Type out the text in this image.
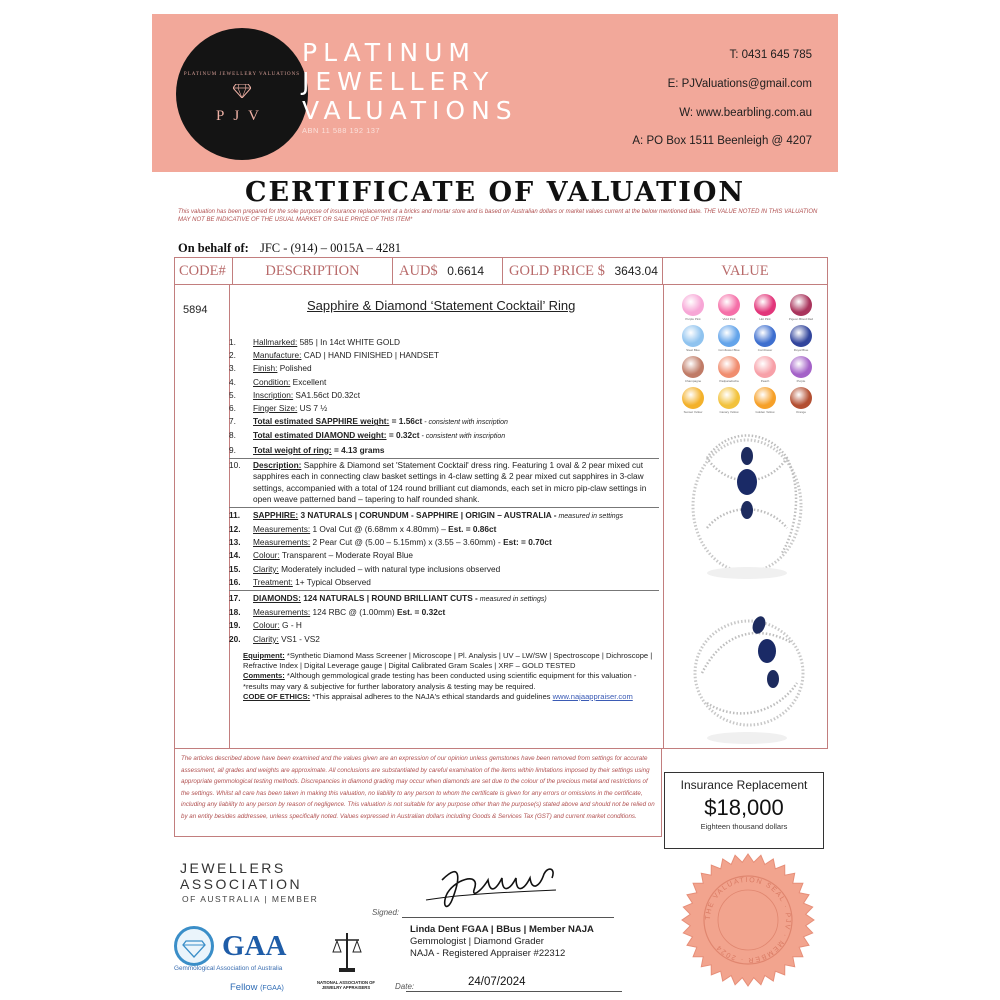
PLATINUM JEWELLERY VALUATIONS
PJV
PLATINUM
JEWELLERY
VALUATIONS
ABN 11 588 192 137
T: 0431 645 785
E: PJValuations@gmail.com
W: www.bearbling.com.au
A: PO Box 1511 Beenleigh @ 4207
CERTIFICATE OF VALUATION
This valuation has been prepared for the sole purpose of insurance replacement at a bricks and mortar store and is based on Australian dollars or market values current at the below mentioned date. THE VALUE NOTED IN THIS VALUATION MAY NOT BE INDICATIVE OF THE USUAL MARKET OR SALE PRICE OF THIS ITEM*
On behalf of: JFC - (914) – 0015A – 4281
CODE#	DESCRIPTION	AUD$ 0.6614	GOLD PRICE $ 3643.04	VALUE
5894	Sapphire & Diamond ‘Statement Cocktail’ Ring
1. Hallmarked: 585 | In 14ct WHITE GOLD
2. Manufacture: CAD | HAND FINISHED | HANDSET
3. Finish: Polished
4. Condition: Excellent
5. Inscription: SA1.56ct D0.32ct
6. Finger Size: US 7 ½
7. Total estimated SAPPHIRE weight: = 1.56ct - consistent with inscription
8. Total estimated DIAMOND weight: = 0.32ct - consistent with inscription
9. Total weight of ring: = 4.13 grams
10. Description: Sapphire & Diamond set 'Statement Cocktail' dress ring. Featuring 1 oval & 2 pear mixed cut sapphires each in connecting claw basket settings in 4-claw setting & 2 pear mixed cut sapphires in 3-claw settings, accompanied with a total of 124 round brilliant cut diamonds, each set in micro pip-claw settings in open weave patterned band – tapering to half rounded shank.
11. SAPPHIRE: 3 NATURALS | CORUNDUM - SAPPHIRE | ORIGIN – AUSTRALIA - measured in settings
12. Measurements: 1 Oval Cut @ (6.68mm x 4.80mm) – Est. = 0.86ct
13. Measurements: 2 Pear Cut @ (5.00 – 5.15mm) x (3.55 – 3.60mm) - Est: = 0.70ct
14. Colour: Transparent – Moderate Royal Blue
15. Clarity: Moderately included – with natural type inclusions observed
16. Treatment: 1+ Typical Observed
17. DIAMONDS: 124 NATURALS | ROUND BRILLIANT CUTS - measured in settings)
18. Measurements: 124 RBC @ (1.00mm) Est. = 0.32ct
19. Colour: G - H
20. Clarity: VS1 - VS2
Equipment: *Synthetic Diamond Mass Screener | Microscope | Pl. Analysis | UV – LW/SW | Spectroscope | Dichroscope | Refractive Index | Digital Leverage gauge | Digital Calibrated Gram Scales | XRF – GOLD TESTED
Comments: *Although gemmological grade testing has been conducted using scientific equipment for this valuation - *results may vary & subjective for further laboratory analysis & testing may be required.
CODE OF ETHICS: *This appraisal adheres to the NAJA's ethical standards and guidelines www.najaappraiser.com
Purple Pink	Vivid Pink	Hot Pink	Pigeon Blood Red
Steel Blue	Cornflower Blue	Cornflower	Royal Blue
Champagne	Padparadscha	Peach	Purple
Sunset Yellow	Canary Yellow	Golden Yellow	Orange
The articles described above have been examined and the values given are an expression of our opinion unless gemstones have been removed from settings for accurate assessment, all grades and weights are approximate. All conclusions are substantiated by careful examination of the items within limitations imposed by their settings using appropriate gemmological testing methods. Discrepancies in diamond grading may occur when diamonds are set due to the colour of the precious metal and restrictions of the settings. Whilst all care has been taken in making this valuation, no liability to any person to whom the certificate is given for any errors or omissions in the certificate, including any liability to any person by reason of negligence. This valuation is not suitable for any purpose other than the purpose(s) stated above and should not be relied on by an entity besides addressee, unless specifically noted. Values expressed in Australian dollars including Goods & Services Tax (GST) and current market conditions.
Insurance Replacement
$18,000
Eighteen thousand dollars
JEWELLERS
ASSOCIATION
OF AUSTRALIA | MEMBER
GAA
Gemmological Association of Australia
Fellow (FGAA)
NATIONAL ASSOCIATION OF JEWELRY APPRAISERS
Signed:
Linda Dent FGAA | BBus | Member NAJA
Gemmologist | Diamond Grader
NAJA - Registered Appraiser #22312
Date:	24/07/2024
THE VALUATION SEAL · PJV · MEMBER · 2024
